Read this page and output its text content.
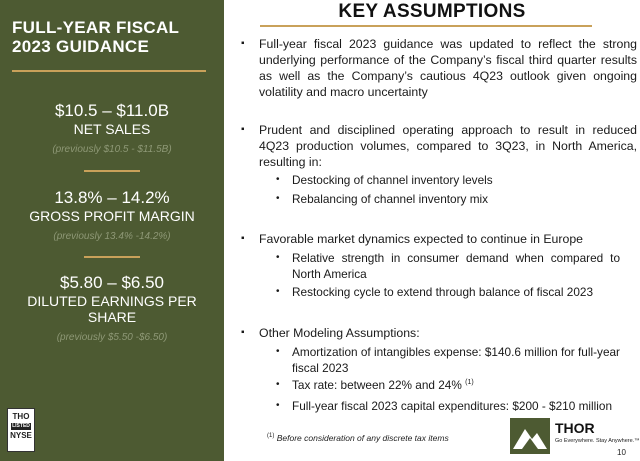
FULL-YEAR FISCAL
2023 GUIDANCE
$10.5 – $11.0B
NET SALES
(previously $10.5 - $11.5B)
13.8% – 14.2%
GROSS PROFIT MARGIN
(previously 13.4% -14.2%)
$5.80 – $6.50
DILUTED EARNINGS PER SHARE
(previously $5.50 -$6.50)
THO
LISTED
NYSE
KEY ASSUMPTIONS
▪ Full-year fiscal 2023 guidance was updated to reflect the strong underlying performance of the Company’s fiscal third quarter results as well as the Company’s cautious 4Q23 outlook given ongoing volatility and macro uncertainty
▪ Prudent and disciplined operating approach to result in reduced 4Q23 production volumes, compared to 3Q23, in North America, resulting in:
• Destocking of channel inventory levels
• Rebalancing of channel inventory mix
▪ Favorable market dynamics expected to continue in Europe
• Relative strength in consumer demand when compared to North America
• Restocking cycle to extend through balance of fiscal 2023
▪ Other Modeling Assumptions:
• Amortization of intangibles expense: $140.6 million for full-year fiscal 2023
• Tax rate: between 22% and 24% $^{(1)}$
• Full-year fiscal 2023 capital expenditures: $200 - $210 million
$^{(1)}$ Before consideration of any discrete tax items
THOR
Go Everywhere. Stay Anywhere.™
10
